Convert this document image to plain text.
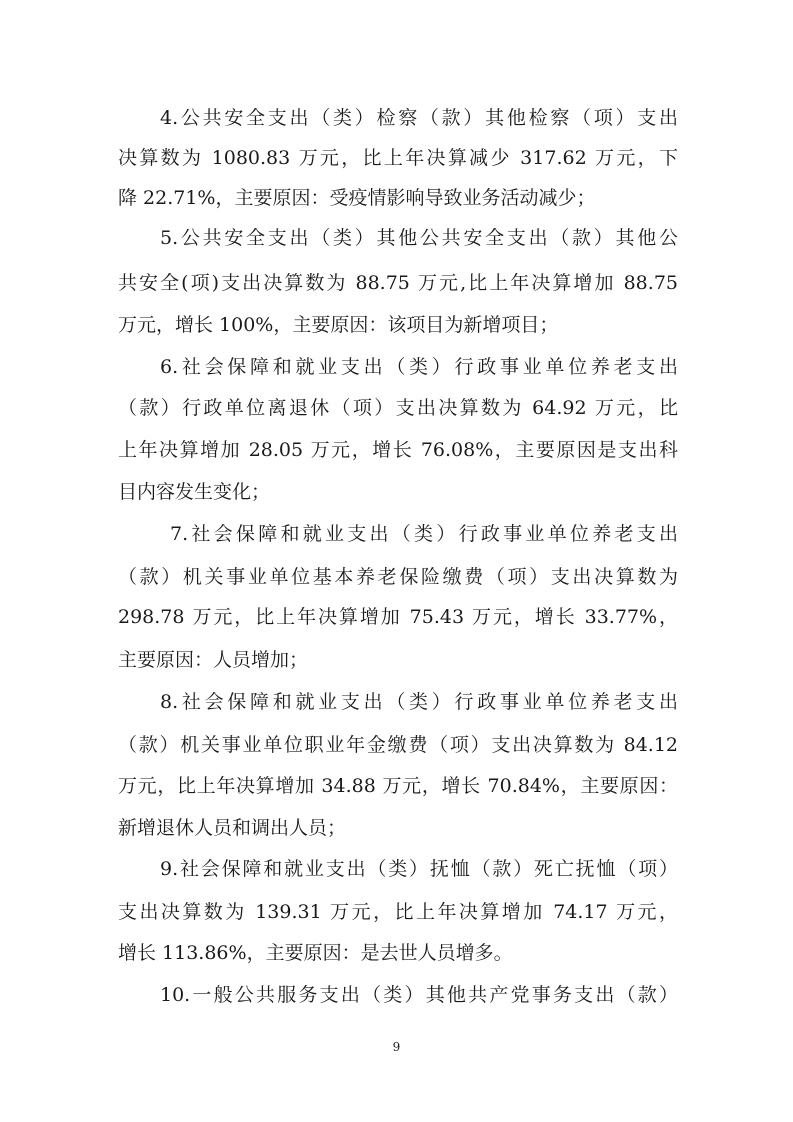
4.公共安全支出（类）检察（款）其他检察（项）支出
决算数为 1080.83 万元，比上年决算减少 317.62 万元，下
降 22.71%，主要原因：受疫情影响导致业务活动减少；
5.公共安全支出（类）其他公共安全支出（款）其他公
共安全(项)支出决算数为 88.75 万元,比上年决算增加 88.75
万元，增长 100%，主要原因：该项目为新增项目；
6.社会保障和就业支出（类）行政事业单位养老支出
（款）行政单位离退休（项）支出决算数为 64.92 万元，比
上年决算增加 28.05 万元，增长 76.08%，主要原因是支出科
目内容发生变化；
7.社会保障和就业支出（类）行政事业单位养老支出
（款）机关事业单位基本养老保险缴费（项）支出决算数为
298.78 万元，比上年决算增加 75.43 万元，增长 33.77%，
主要原因：人员增加；
8.社会保障和就业支出（类）行政事业单位养老支出
（款）机关事业单位职业年金缴费（项）支出决算数为 84.12
万元，比上年决算增加 34.88 万元，增长 70.84%，主要原因：
新增退休人员和调出人员；
9.社会保障和就业支出（类）抚恤（款）死亡抚恤（项）
支出决算数为 139.31 万元，比上年决算增加 74.17 万元，
增长 113.86%，主要原因：是去世人员增多。
10.一般公共服务支出（类）其他共产党事务支出（款）
9
